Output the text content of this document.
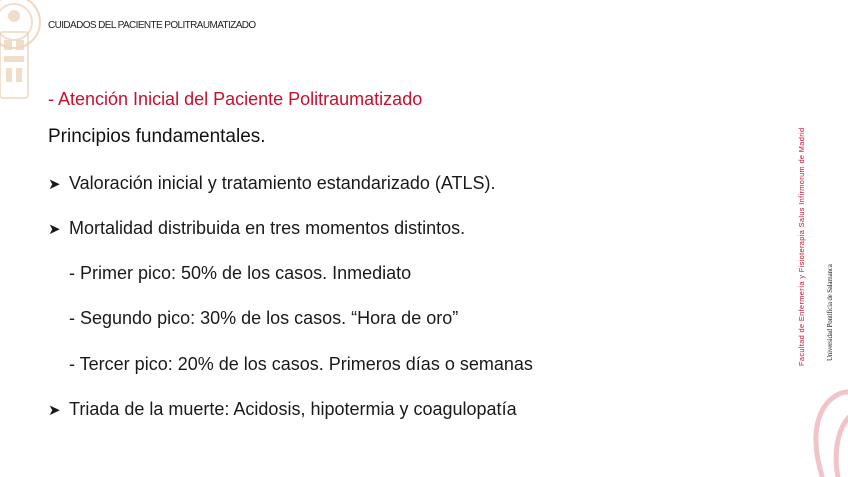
CUIDADOS DEL PACIENTE POLITRAUMATIZADO
- Atención Inicial del Paciente Politraumatizado
Principios fundamentales.
➤ Valoración inicial y tratamiento estandarizado (ATLS).
➤ Mortalidad distribuida en tres momentos distintos.
- Primer pico: 50% de los casos. Inmediato
- Segundo pico: 30% de los casos. “Hora de oro”
- Tercer pico: 20% de los casos. Primeros días o semanas
➤ Triada de la muerte: Acidosis, hipotermia y coagulopatía
Facultad de Enfermería y Fisioterapia Salus Infirmorum de Madrid	Universidad Pontificia de Salamanca
